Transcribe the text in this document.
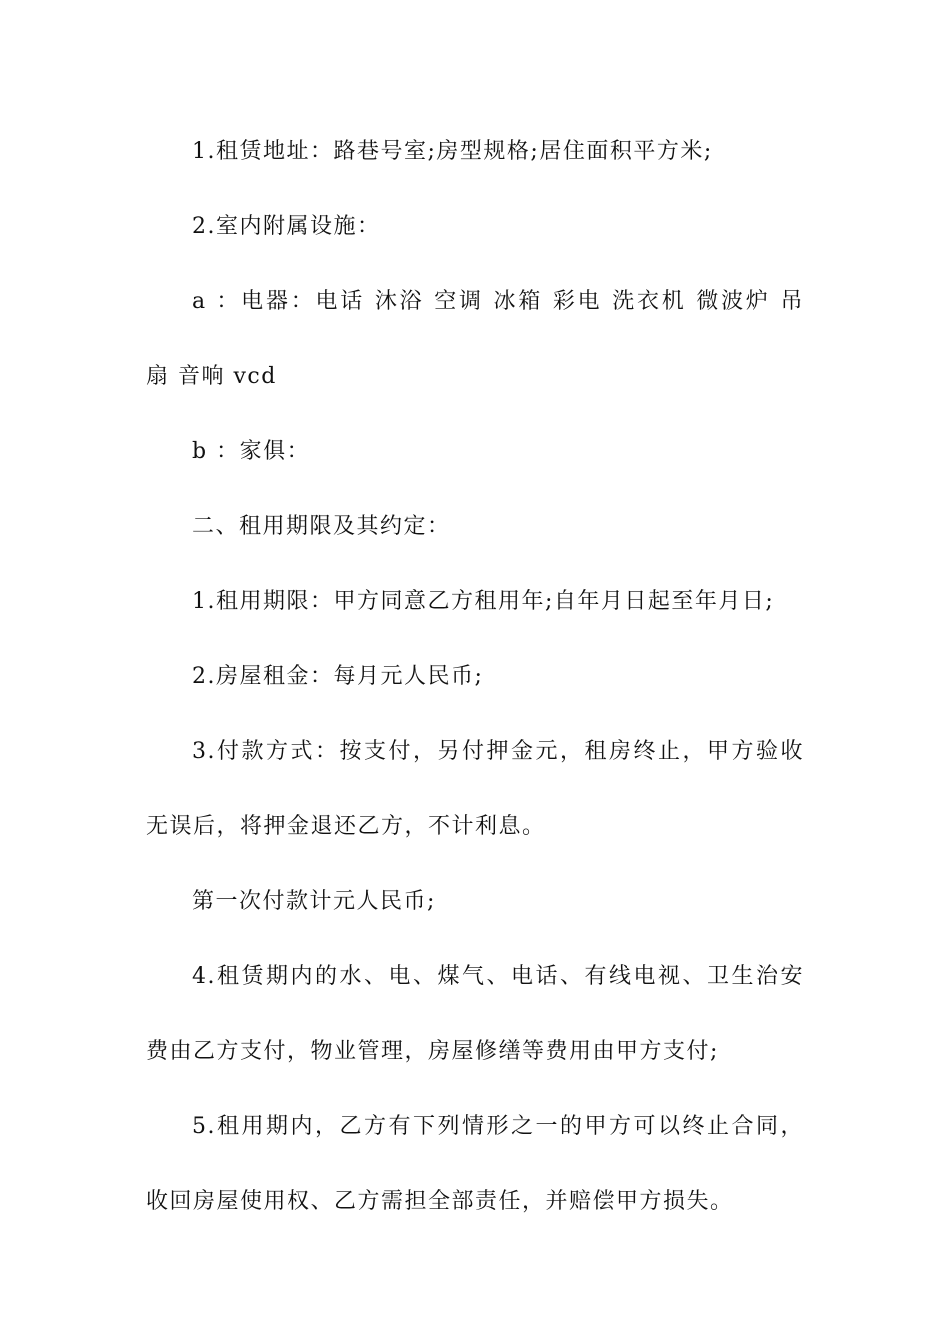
1.租赁地址：路巷号室;房型规格;居住面积平方米;
2.室内附属设施：
a ：电器：电话 沐浴 空调 冰箱 彩电 洗衣机 微波炉 吊
扇 音响 vcd
b ：家俱：
二、租用期限及其约定：
1.租用期限：甲方同意乙方租用年;自年月日起至年月日;
2.房屋租金：每月元人民币;
3.付款方式：按支付，另付押金元，租房终止，甲方验收
无误后，将押金退还乙方，不计利息。
第一次付款计元人民币;
4.租赁期内的水、电、煤气、电话、有线电视、卫生治安
费由乙方支付，物业管理，房屋修缮等费用由甲方支付;
5.租用期内，乙方有下列情形之一的甲方可以终止合同，
收回房屋使用权、乙方需担全部责任，并赔偿甲方损失。
